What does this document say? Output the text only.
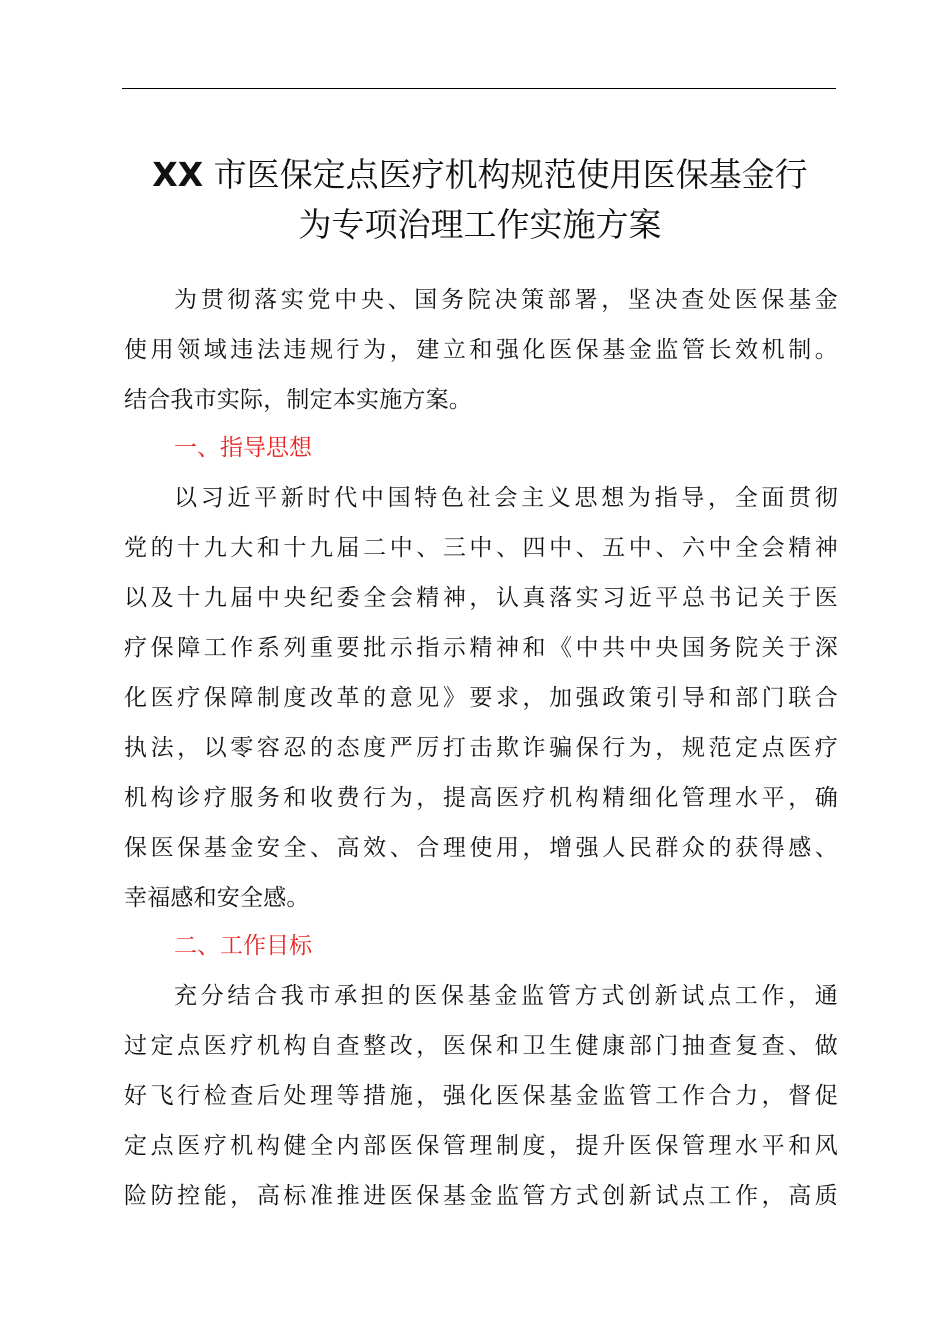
XX 市医保定点医疗机构规范使用医保基金行
为专项治理工作实施方案
为贯彻落实党中央、国务院决策部署，坚决查处医保基金
使用领域违法违规行为，建立和强化医保基金监管长效机制。
结合我市实际，制定本实施方案。
一、指导思想
以习近平新时代中国特色社会主义思想为指导，全面贯彻
党的十九大和十九届二中、三中、四中、五中、六中全会精神
以及十九届中央纪委全会精神，认真落实习近平总书记关于医
疗保障工作系列重要批示指示精神和《中共中央国务院关于深
化医疗保障制度改革的意见》要求，加强政策引导和部门联合
执法，以零容忍的态度严厉打击欺诈骗保行为，规范定点医疗
机构诊疗服务和收费行为，提高医疗机构精细化管理水平，确
保医保基金安全、高效、合理使用，增强人民群众的获得感、
幸福感和安全感。
二、工作目标
充分结合我市承担的医保基金监管方式创新试点工作，通
过定点医疗机构自查整改，医保和卫生健康部门抽查复查、做
好飞行检查后处理等措施，强化医保基金监管工作合力，督促
定点医疗机构健全内部医保管理制度，提升医保管理水平和风
险防控能，高标准推进医保基金监管方式创新试点工作，高质
